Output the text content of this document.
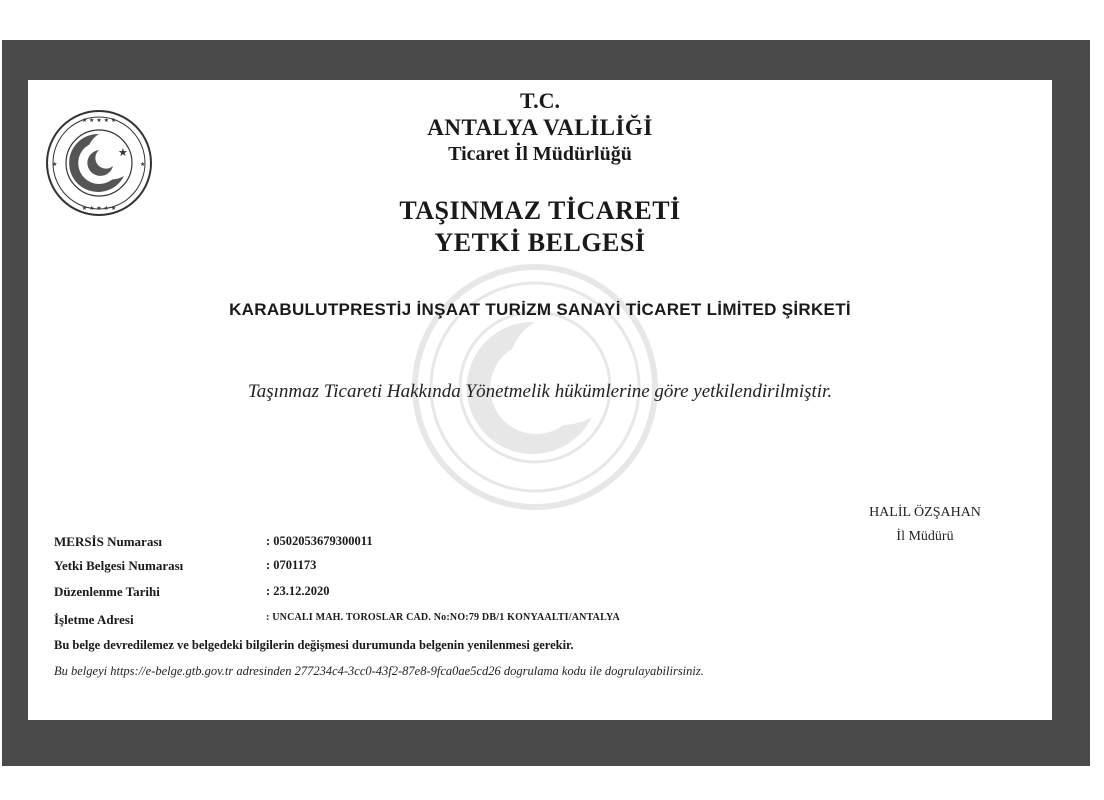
★ ★ ★ ★ ★
★ ★ ★ ★ ★
★	★
★
T.C.
ANTALYA VALİLİĞİ
Ticaret İl Müdürlüğü
TAŞINMAZ TİCARETİ
YETKİ BELGESİ
KARABULUTPRESTİJ İNŞAAT TURİZM SANAYİ TİCARET LİMİTED ŞİRKETİ
Taşınmaz Ticareti Hakkında Yönetmelik hükümlerine göre yetkilendirilmiştir.
HALİL ÖZŞAHAN
İl Müdürü
MERSİS Numarası	: 0502053679300011
Yetki Belgesi Numarası	: 0701173
Düzenlenme Tarihi	: 23.12.2020
İşletme Adresi	: UNCALI MAH. TOROSLAR CAD. No:NO:79 DB/1 KONYAALTI/ANTALYA
Bu belge devredilemez ve belgedeki bilgilerin değişmesi durumunda belgenin yenilenmesi gerekir.
Bu belgeyi https://e-belge.gtb.gov.tr adresinden 277234c4-3cc0-43f2-87e8-9fca0ae5cd26 dogrulama kodu ile dogrulayabilirsiniz.
